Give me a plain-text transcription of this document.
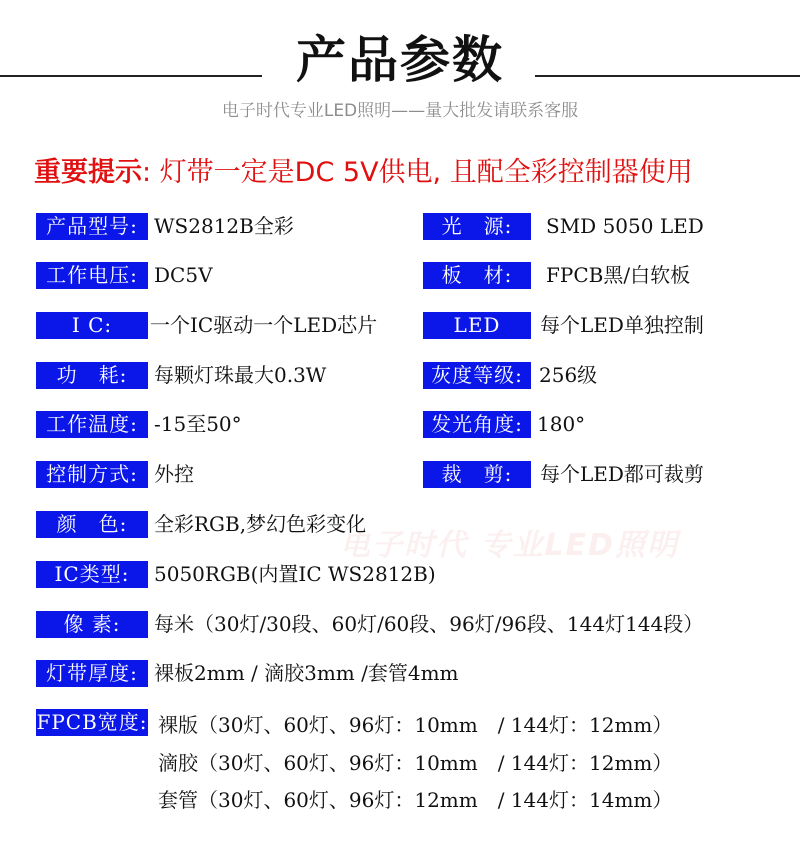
产品参数
电子时代专业LED照明——量大批发请联系客服
重要提示: 灯带一定是DC 5V供电, 且配全彩控制器使用
电子时代 专业LED照明
产品型号: WS2812B全彩	光　源:	SMD 5050 LED
工作电压: DC5V	板　材:	FPCB黑/白软板
I C:	一个IC驱动一个LED芯片	LED	每个LED单独控制
功　耗:	每颗灯珠最大0.3W	灰度等级: 256级
工作温度: -15至50°	发光角度: 180°
控制方式: 外控	裁　剪:	每个LED都可裁剪
颜　色:	全彩RGB,梦幻色彩变化
IC类型:	5050RGB(内置IC WS2812B)
像 素:	每米（30灯/30段、60灯/60段、96灯/96段、144灯144段）
灯带厚度: 裸板2mm / 滴胶3mm /套管4mm
FPCB宽度: 裸版（30灯、60灯、96灯：10mm　/ 144灯：12mm）
滴胶（30灯、60灯、96灯：10mm　/ 144灯：12mm）
套管（30灯、60灯、96灯：12mm　/ 144灯：14mm）
